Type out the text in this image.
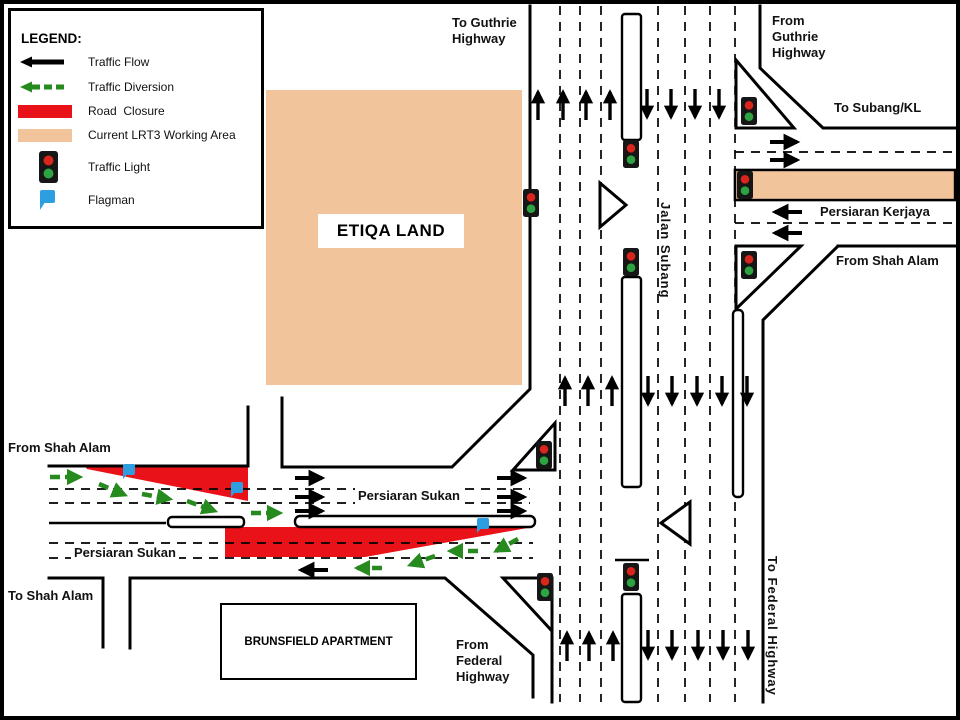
To Guthrie Highway
From Guthrie Highway
To Subang/KL
Persiaran Kerjaya
From Shah Alam
Jalan Subang
From Shah Alam
Persiaran Sukan
Persiaran Sukan
To Shah Alam
From Federal Highway	To Federal Highway
ETIQA LAND
BRUNSFIELD APARTMENT
LEGEND:
Traffic Flow
Traffic Diversion
Road  Closure
Current LRT3 Working Area
Traffic Light
Flagman
